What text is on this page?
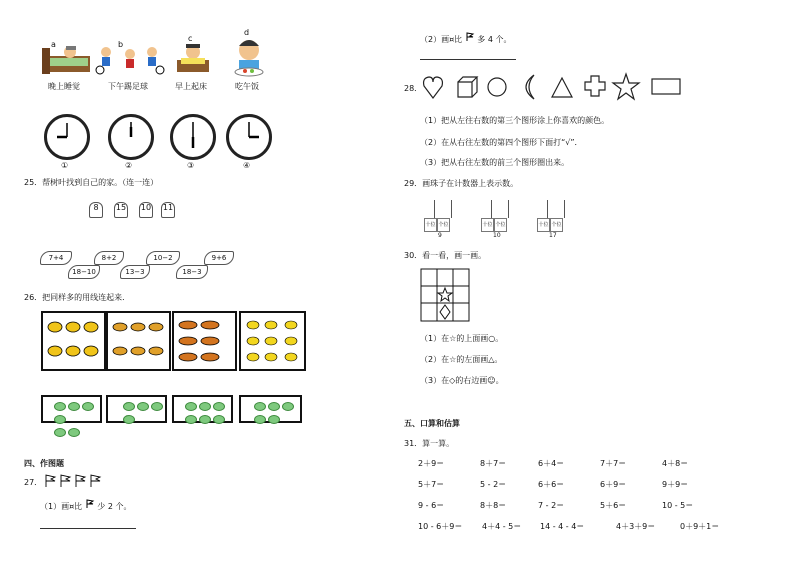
a
晚上睡觉
b
下午踢足球
c
早上起床
d
吃午饭
①	②	③	④
25．帮树叶找到自己的家。（连一连）
8	15 10 11
7+4	8+2	10−2	9+6
18−10	13−3	18−3
26．把同样多的用线连起来．
四、作图题
27．
（1）画¤比 少 2 个。
（2）画¤比 多 4 个。
28．
（1）把从左往右数的第三个图形涂上你喜欢的颜色。
（2）在从右往左数的第四个图形下面打“√”．
（3）把从右往左数的前三个图形圈出来。
29．画珠子在计数器上表示数。
十位 个位
9
十位 个位
10
十位 个位
17
30．看一看，画一画。
（1）在☆的上面画○。
（2）在☆的左面画△。
（3）在◇的右边画☺。
五、口算和估算
31．算一算。
2＋9＝	8＋7＝	6＋4＝	7＋7＝	4＋8＝
5＋7＝	5 - 2＝	6＋6＝	6＋9＝	9＋9＝
9 - 6＝	8＋8＝	7 - 2＝	5＋6＝	10 - 5＝
10 - 6＋9＝ 4＋4 - 5＝ 14 - 4 - 4＝	4＋3＋9＝	0＋9＋1＝
